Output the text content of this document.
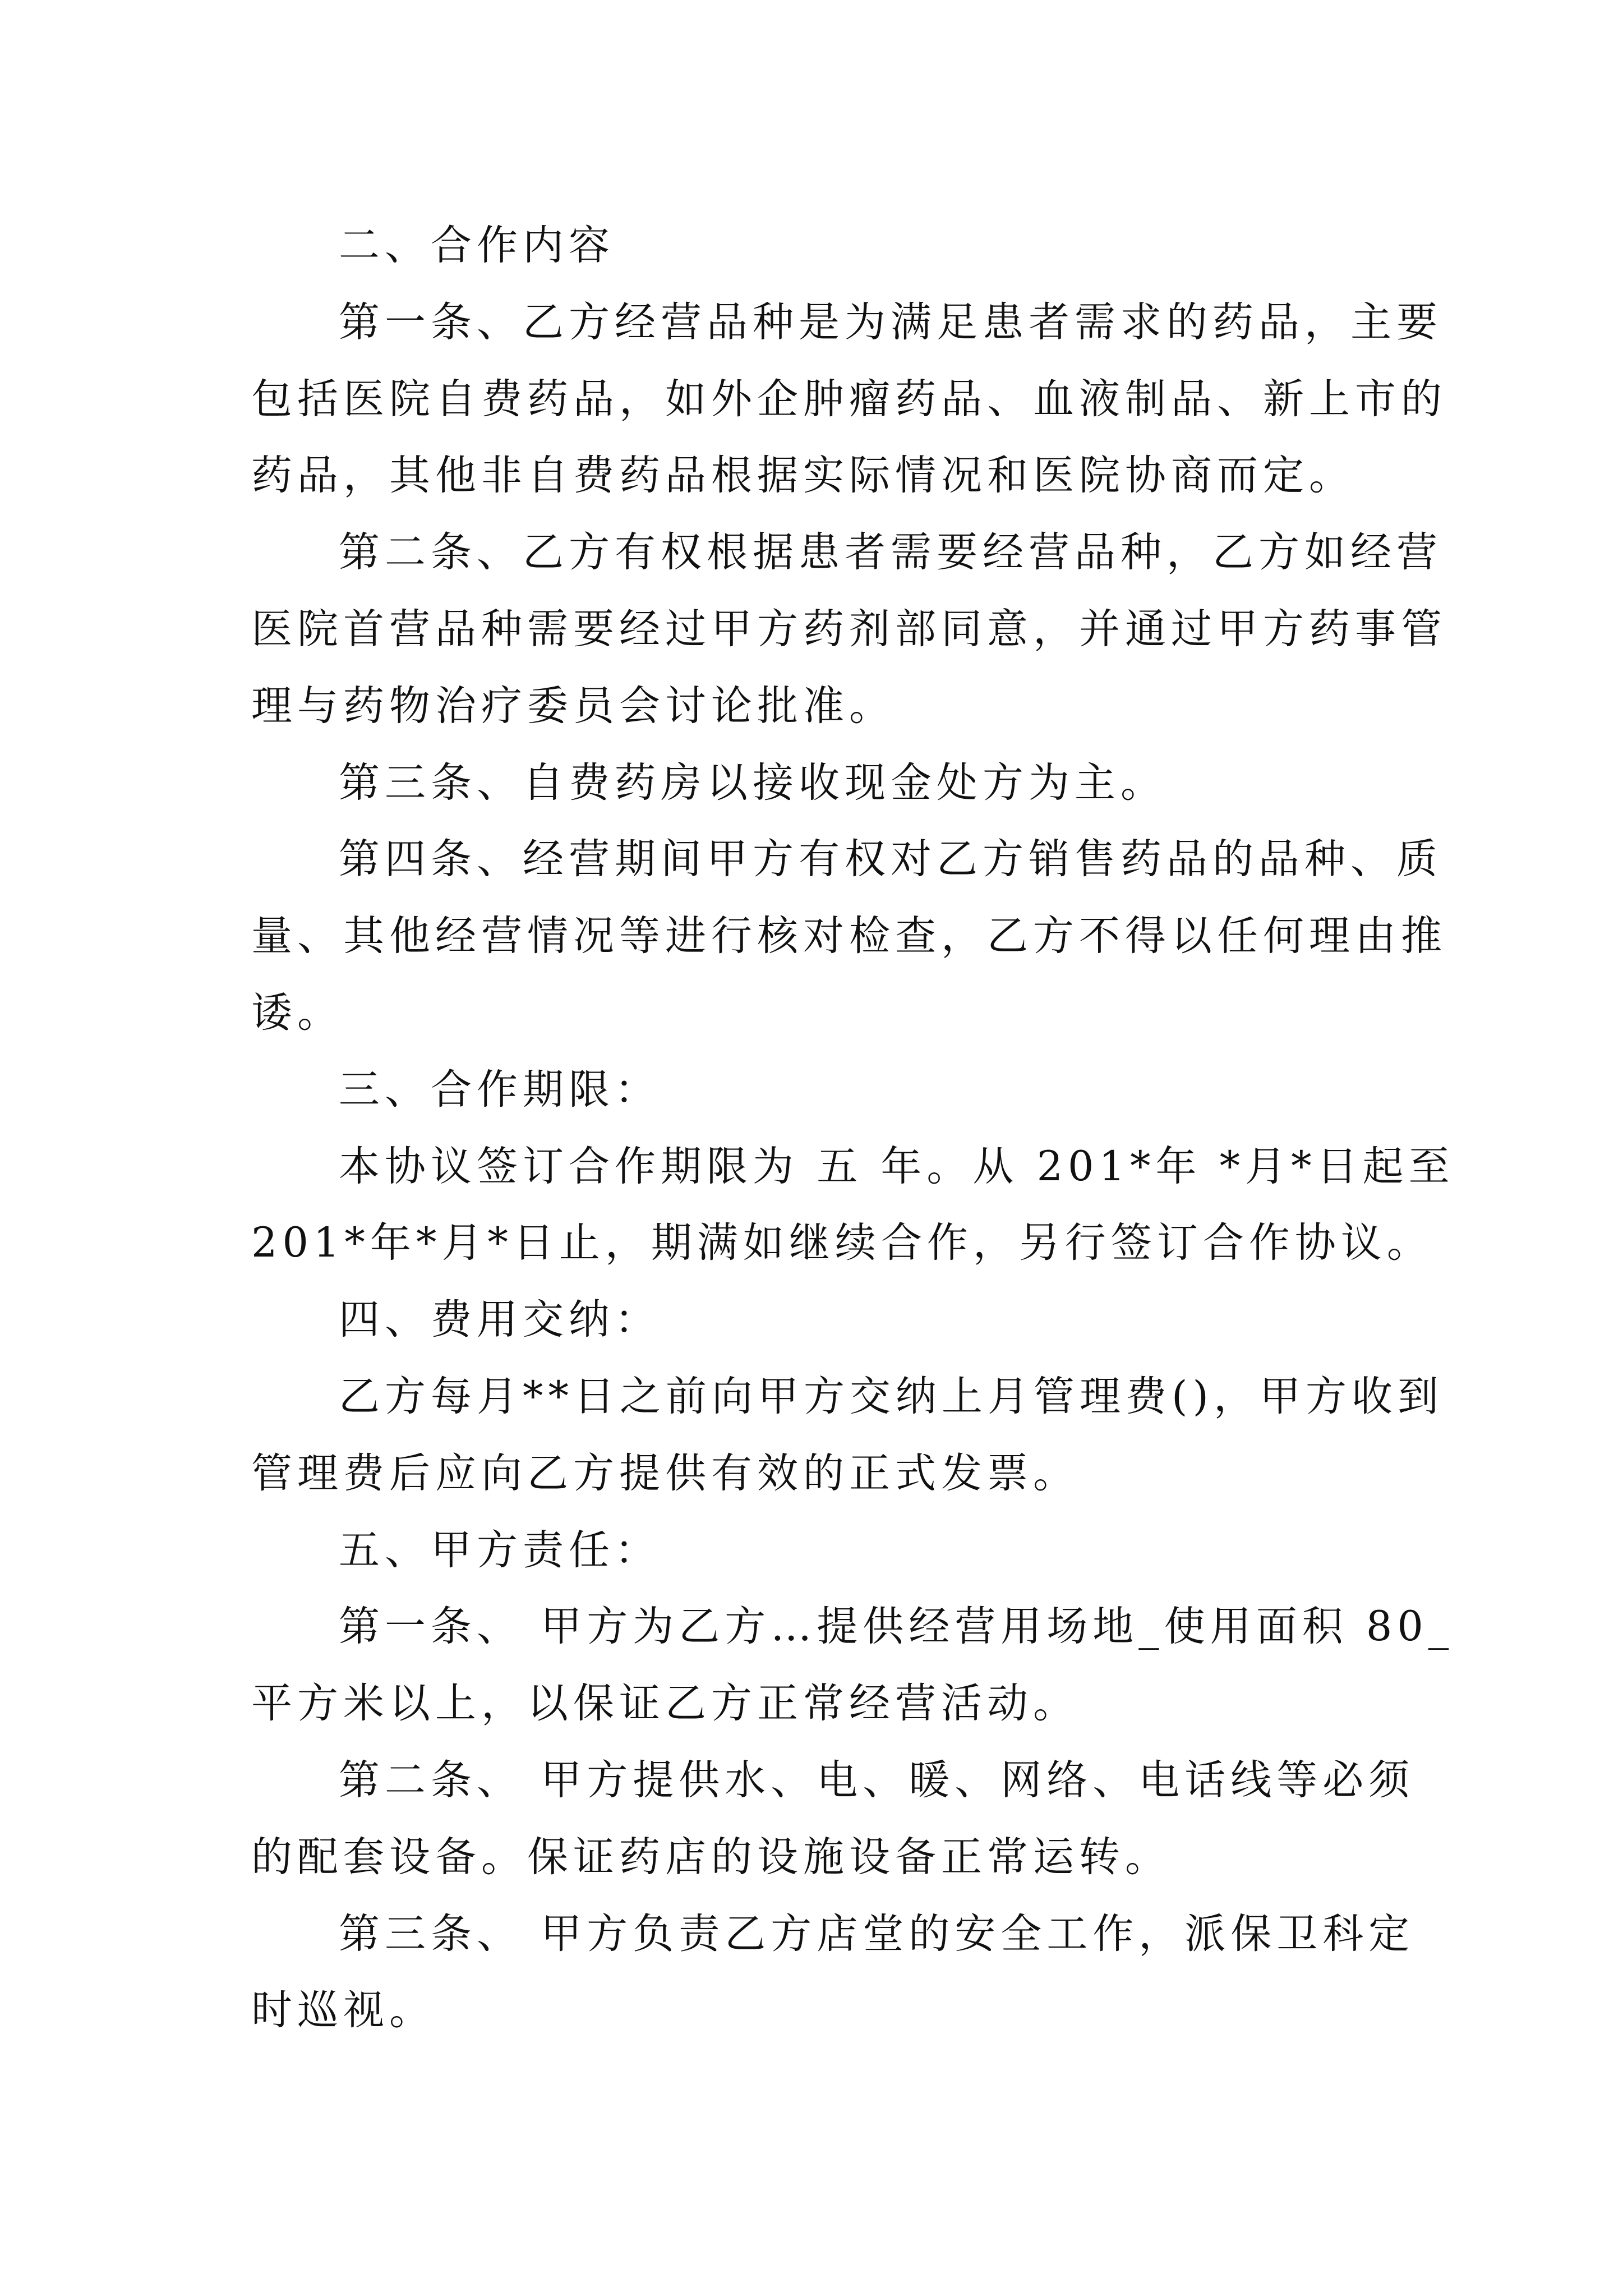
二、合作内容
第一条、乙方经营品种是为满足患者需求的药品，主要
包括医院自费药品，如外企肿瘤药品、血液制品、新上市的
药品，其他非自费药品根据实际情况和医院协商而定。
第二条、乙方有权根据患者需要经营品种，乙方如经营
医院首营品种需要经过甲方药剂部同意，并通过甲方药事管
理与药物治疗委员会讨论批准。
第三条、自费药房以接收现金处方为主。
第四条、经营期间甲方有权对乙方销售药品的品种、质
量、其他经营情况等进行核对检查，乙方不得以任何理由推
诿。
三、合作期限：
本协议签订合作期限为 五 年。从 201*年 *月*日起至
201*年*月*日止，期满如继续合作，另行签订合作协议。
四、费用交纳：
乙方每月**日之前向甲方交纳上月管理费()，甲方收到
管理费后应向乙方提供有效的正式发票。
五、甲方责任：
第一条、 甲方为乙方…提供经营用场地_使用面积 80_
平方米以上，以保证乙方正常经营活动。
第二条、 甲方提供水、电、暖、网络、电话线等必须
的配套设备。保证药店的设施设备正常运转。
第三条、 甲方负责乙方店堂的安全工作，派保卫科定
时巡视。
